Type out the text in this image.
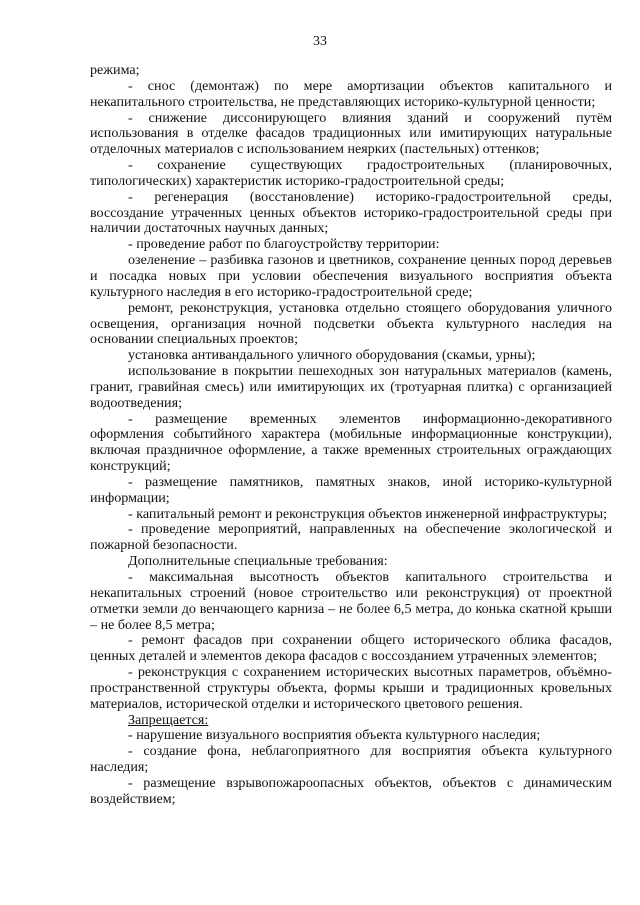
33

режима;

- снос (демонтаж) по мере амортизации объектов капитального и некапитального строительства, не представляющих историко-культурной ценности;

- снижение диссонирующего влияния зданий и сооружений путём использования в отделке фасадов традиционных или имитирующих натуральные отделочных материалов с использованием неярких (пастельных) оттенков;

- сохранение существующих градостроительных (планировочных, типологических) характеристик историко-градостроительной среды;

- регенерация (восстановление) историко-градостроительной среды, воссоздание утраченных ценных объектов историко-градостроительной среды при наличии достаточных научных данных;

- проведение работ по благоустройству территории:

озеленение – разбивка газонов и цветников, сохранение ценных пород деревьев и посадка новых при условии обеспечения визуального восприятия объекта культурного наследия в его историко-градостроительной среде;

ремонт, реконструкция, установка отдельно стоящего оборудования уличного освещения, организация ночной подсветки объекта культурного наследия на основании специальных проектов;

установка антивандального уличного оборудования (скамьи, урны);

использование в покрытии пешеходных зон натуральных материалов (камень, гранит, гравийная смесь) или имитирующих их (тротуарная плитка) с организацией водоотведения;

- размещение временных элементов информационно-декоративного оформления событийного характера (мобильные информационные конструкции), включая праздничное оформление, а также временных строительных ограждающих конструкций;

- размещение памятников, памятных знаков, иной историко-культурной информации;

- капитальный ремонт и реконструкция объектов инженерной инфраструктуры;

- проведение мероприятий, направленных на обеспечение экологической и пожарной безопасности.

Дополнительные специальные требования:

- максимальная высотность объектов капитального строительства и некапитальных строений (новое строительство или реконструкция) от проектной отметки земли до венчающего карниза – не более 6,5 метра, до конька скатной крыши – не более 8,5 метра;

- ремонт фасадов при сохранении общего исторического облика фасадов, ценных деталей и элементов декора фасадов с воссозданием утраченных элементов;

- реконструкция с сохранением исторических высотных параметров, объёмно-пространственной структуры объекта, формы крыши и традиционных кровельных материалов, исторической отделки и исторического цветового решения.

Запрещается:

- нарушение визуального восприятия объекта культурного наследия;

- создание фона, неблагоприятного для восприятия объекта культурного наследия;

- размещение взрывопожароопасных объектов, объектов с динамическим воздействием;
